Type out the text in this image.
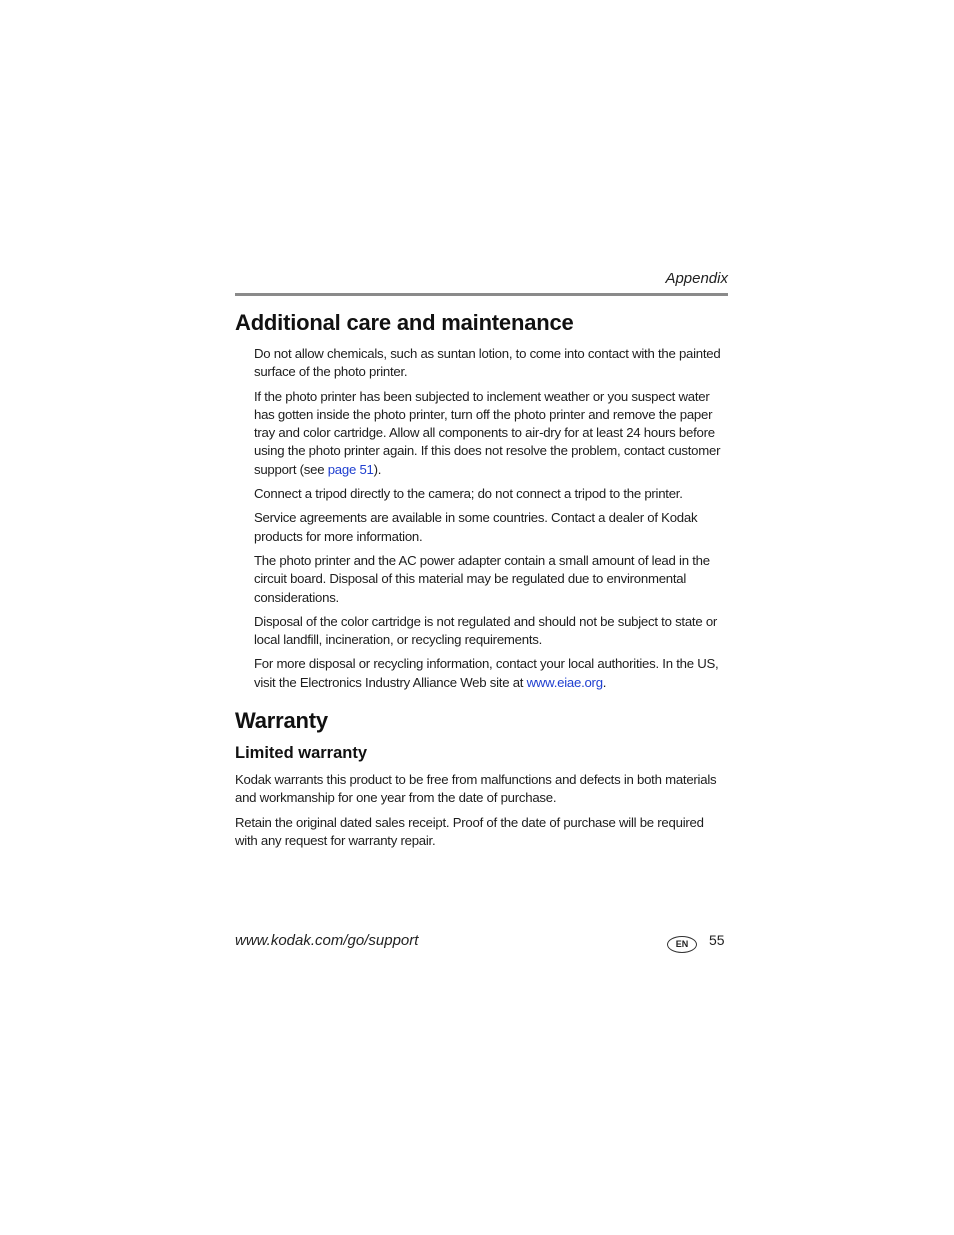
Appendix
Additional care and maintenance

Do not allow chemicals, such as suntan lotion, to come into contact with the painted surface of the photo printer.

If the photo printer has been subjected to inclement weather or you suspect water has gotten inside the photo printer, turn off the photo printer and remove the paper tray and color cartridge. Allow all components to air-dry for at least 24 hours before using the photo printer again. If this does not resolve the problem, contact customer support (see page 51).

Connect a tripod directly to the camera; do not connect a tripod to the printer.

Service agreements are available in some countries. Contact a dealer of Kodak products for more information.

The photo printer and the AC power adapter contain a small amount of lead in the circuit board. Disposal of this material may be regulated due to environmental considerations.

Disposal of the color cartridge is not regulated and should not be subject to state or local landfill, incineration, or recycling requirements.

For more disposal or recycling information, contact your local authorities. In the US, visit the Electronics Industry Alliance Web site at www.eiae.org.

Warranty
Limited warranty

Kodak warrants this product to be free from malfunctions and defects in both materials and workmanship for one year from the date of purchase.

Retain the original dated sales receipt. Proof of the date of purchase will be required with any request for warranty repair.

www.kodak.com/go/support	EN	55
